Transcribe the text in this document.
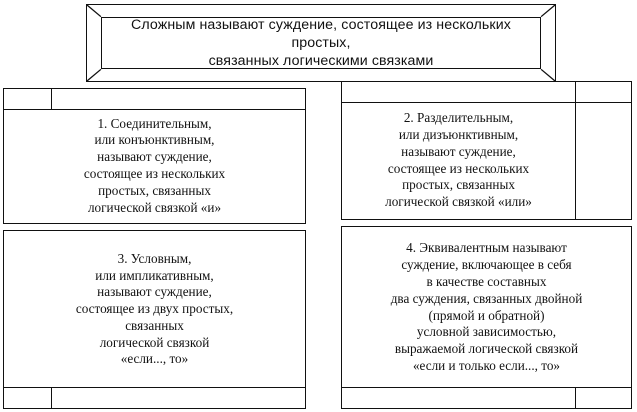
Сложным называют суждение, состоящее из нескольких простых,
связанных логическими связками
1. Соединительным,
или конъюнктивным,
называют суждение,
состоящее из нескольких
простых, связанных
логической связкой «и»
2. Разделительным,
или дизъюнктивным,
называют суждение,
состоящее из нескольких
простых, связанных
логической связкой «или»
3. Условным,
или импликативным,
называют суждение,
состоящее из двух простых,
связанных
логической связкой
«если..., то»
4. Эквивалентным называют
суждение, включающее в себя
в качестве составных
два суждения, связанных двойной
(прямой и обратной)
условной зависимостью,
выражаемой логической связкой
«если и только если..., то»
